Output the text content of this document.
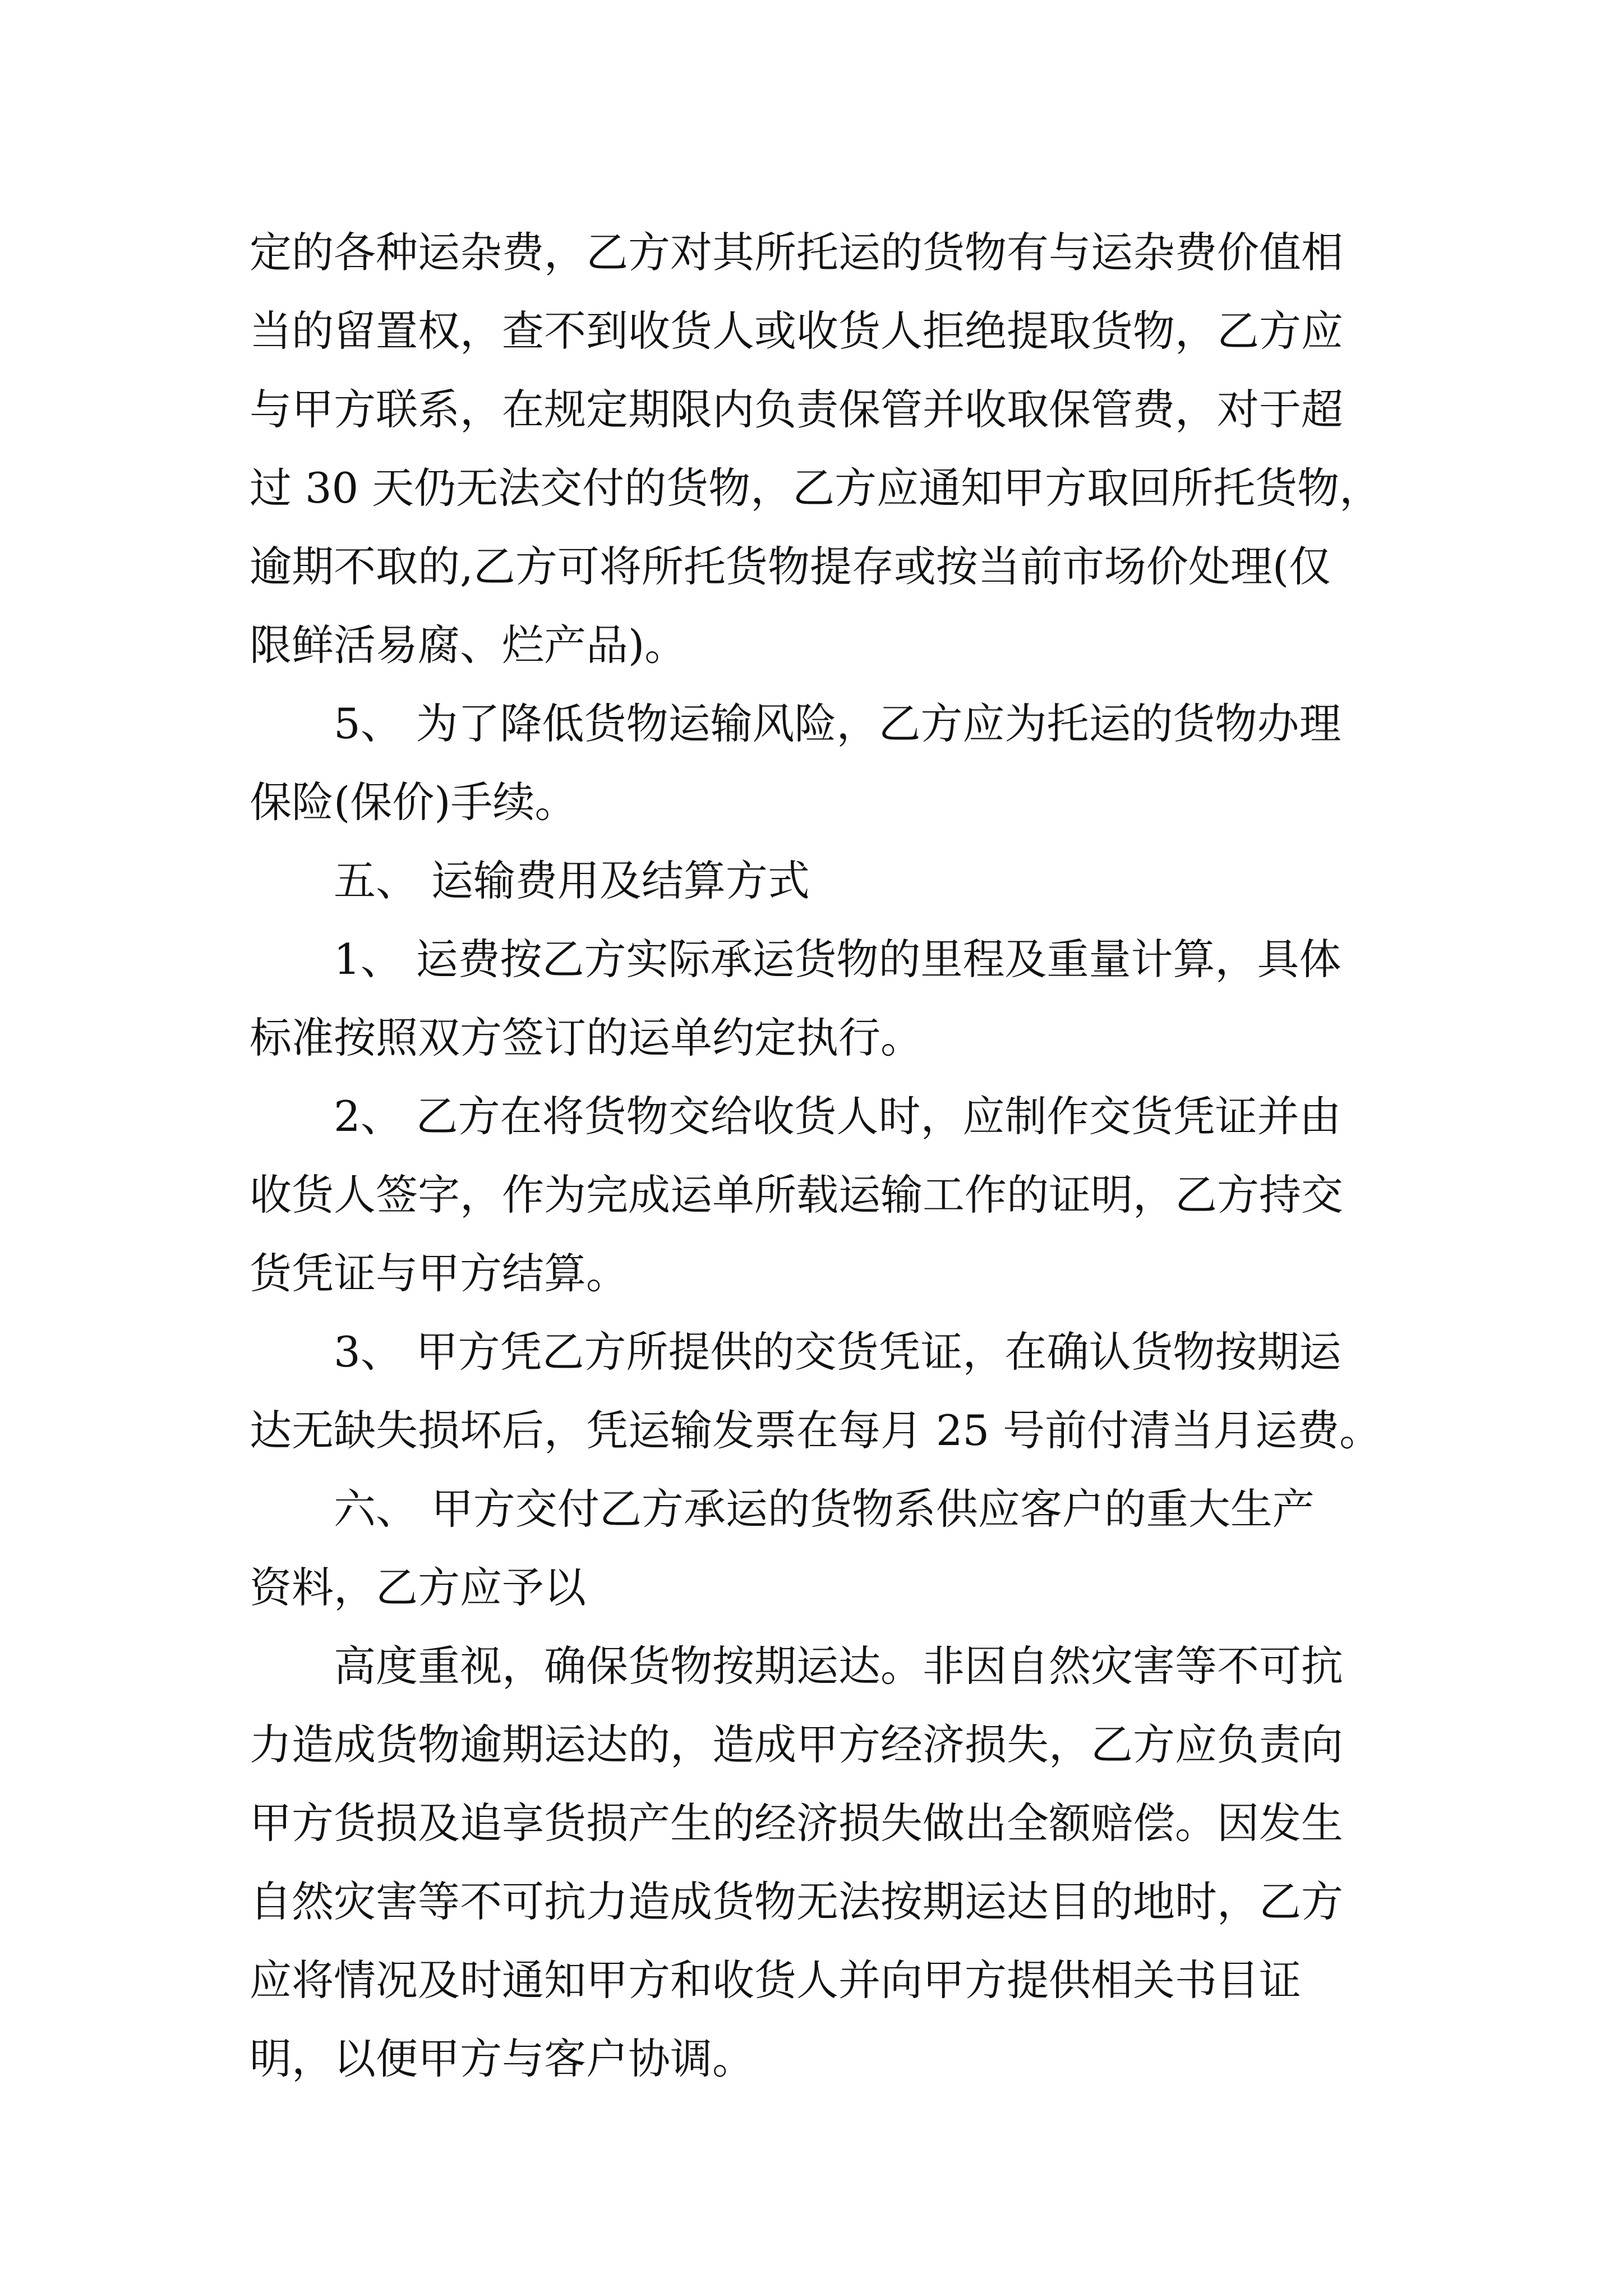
定的各种运杂费，乙方对其所托运的货物有与运杂费价值相

当的留置权，查不到收货人或收货人拒绝提取货物，乙方应

与甲方联系，在规定期限内负责保管并收取保管费，对于超

过 30 天仍无法交付的货物，乙方应通知甲方取回所托货物，

逾期不取的,乙方可将所托货物提存或按当前市场价处理(仅

限鲜活易腐、烂产品)。

5、 为了降低货物运输风险，乙方应为托运的货物办理

保险(保价)手续。

五、 运输费用及结算方式

1、 运费按乙方实际承运货物的里程及重量计算，具体

标准按照双方签订的运单约定执行。

2、 乙方在将货物交给收货人时，应制作交货凭证并由

收货人签字，作为完成运单所载运输工作的证明，乙方持交

货凭证与甲方结算。

3、 甲方凭乙方所提供的交货凭证，在确认货物按期运

达无缺失损坏后，凭运输发票在每月 25 号前付清当月运费。

六、 甲方交付乙方承运的货物系供应客户的重大生产

资料，乙方应予以

高度重视，确保货物按期运达。非因自然灾害等不可抗

力造成货物逾期运达的，造成甲方经济损失，乙方应负责向

甲方货损及追享货损产生的经济损失做出全额赔偿。因发生

自然灾害等不可抗力造成货物无法按期运达目的地时，乙方

应将情况及时通知甲方和收货人并向甲方提供相关书目证

明，以便甲方与客户协调。
